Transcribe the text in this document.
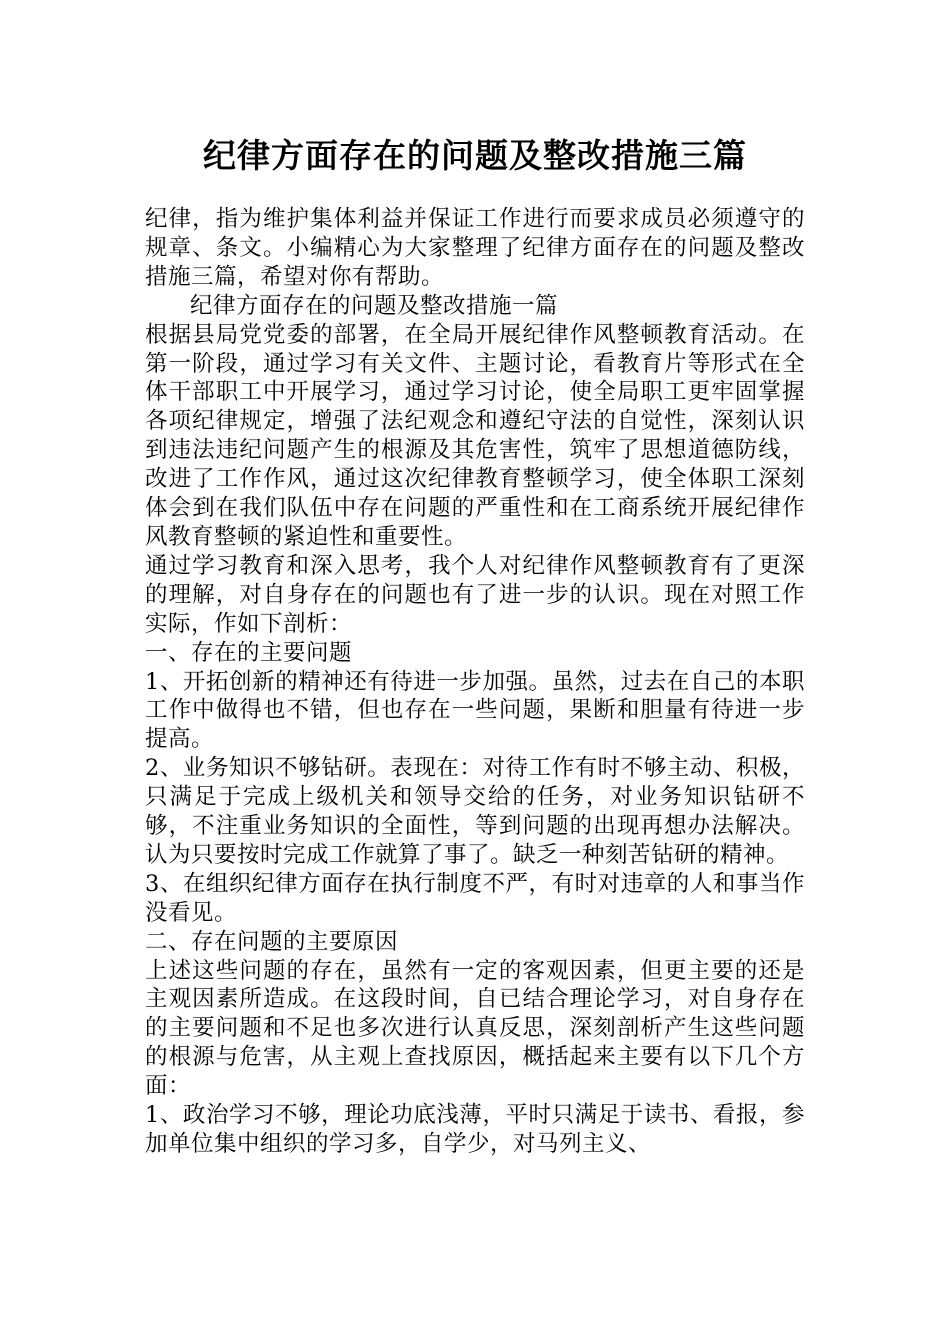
纪律方面存在的问题及整改措施三篇

纪律，指为维护集体利益并保证工作进行而要求成员必须遵守的规章、条文。小编精心为大家整理了纪律方面存在的问题及整改措施三篇，希望对你有帮助。

纪律方面存在的问题及整改措施一篇

根据县局党党委的部署，在全局开展纪律作风整顿教育活动。在第一阶段，通过学习有关文件、主题讨论，看教育片等形式在全体干部职工中开展学习，通过学习讨论，使全局职工更牢固掌握各项纪律规定，增强了法纪观念和遵纪守法的自觉性，深刻认识到违法违纪问题产生的根源及其危害性，筑牢了思想道德防线，改进了工作作风，通过这次纪律教育整顿学习，使全体职工深刻体会到在我们队伍中存在问题的严重性和在工商系统开展纪律作风教育整顿的紧迫性和重要性。

通过学习教育和深入思考，我个人对纪律作风整顿教育有了更深的理解，对自身存在的问题也有了进一步的认识。现在对照工作实际，作如下剖析：

一、存在的主要问题

1、开拓创新的精神还有待进一步加强。虽然，过去在自己的本职工作中做得也不错，但也存在一些问题，果断和胆量有待进一步提高。

2、业务知识不够钻研。表现在：对待工作有时不够主动、积极，只满足于完成上级机关和领导交给的任务，对业务知识钻研不够，不注重业务知识的全面性，等到问题的出现再想办法解决。认为只要按时完成工作就算了事了。缺乏一种刻苦钻研的精神。

3、在组织纪律方面存在执行制度不严，有时对违章的人和事当作没看见。

二、存在问题的主要原因

上述这些问题的存在，虽然有一定的客观因素，但更主要的还是主观因素所造成。在这段时间，自已结合理论学习，对自身存在的主要问题和不足也多次进行认真反思，深刻剖析产生这些问题的根源与危害，从主观上查找原因，概括起来主要有以下几个方面：

1、政治学习不够，理论功底浅薄，平时只满足于读书、看报，参加单位集中组织的学习多，自学少，对马列主义、
